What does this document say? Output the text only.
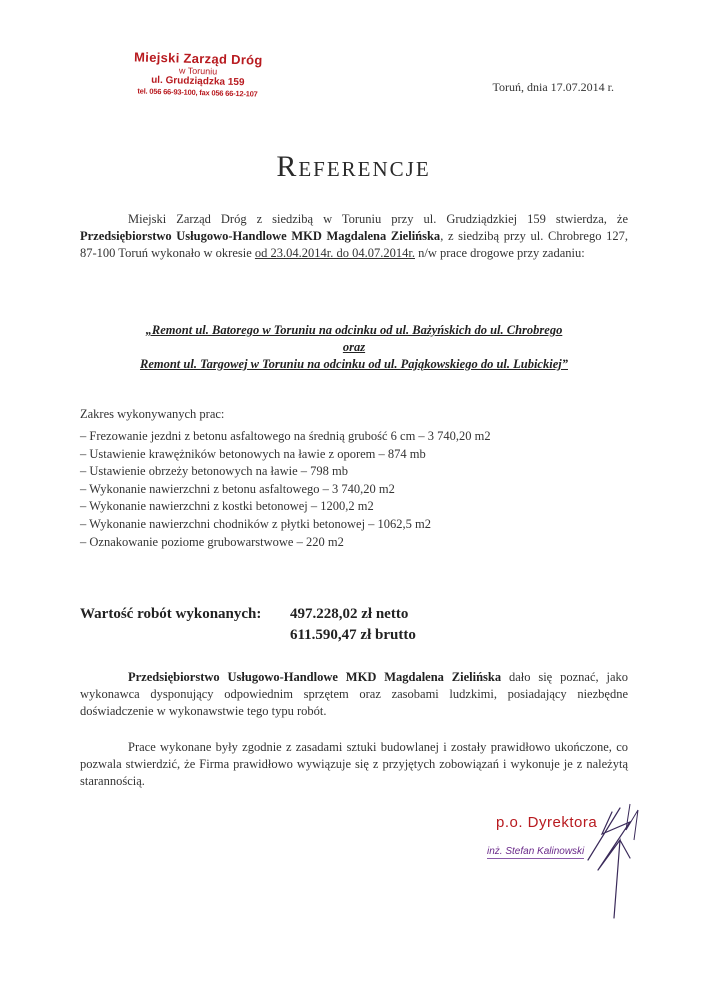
Miejski Zarząd Dróg
w Toruniu
ul. Grudziądzka 159
tel. 056 66-93-100, fax 056 66-12-107	Toruń, dnia 17.07.2014 r.
Referencje
Miejski Zarząd Dróg z siedzibą w Toruniu przy ul. Grudziądzkiej 159 stwierdza, że Przedsiębiorstwo Usługowo-Handlowe MKD Magdalena Zielińska, z siedzibą przy ul. Chrobrego 127, 87-100 Toruń wykonało w okresie od 23.04.2014r. do 04.07.2014r. n/w prace drogowe przy zadaniu:
„Remont ul. Batorego w Toruniu na odcinku od ul. Bażyńskich do ul. Chrobrego
oraz
Remont ul. Targowej w Toruniu na odcinku od ul. Pająkowskiego do ul. Lubickiej”
Zakres wykonywanych prac:
– Frezowanie jezdni z betonu asfaltowego na średnią grubość 6 cm – 3 740,20 m2
– Ustawienie krawężników betonowych na ławie z oporem – 874 mb
– Ustawienie obrzeży betonowych na ławie – 798 mb
– Wykonanie nawierzchni z betonu asfaltowego – 3 740,20 m2
– Wykonanie nawierzchni z kostki betonowej – 1200,2 m2
– Wykonanie nawierzchni chodników z płytki betonowej – 1062,5 m2
– Oznakowanie poziome grubowarstwowe – 220 m2
Wartość robót wykonanych: 497.228,02 zł netto
611.590,47 zł brutto
Przedsiębiorstwo Usługowo-Handlowe MKD Magdalena Zielińska dało się poznać, jako wykonawca dysponujący odpowiednim sprzętem oraz zasobami ludzkimi, posiadający niezbędne doświadczenie w wykonawstwie tego typu robót.
Prace wykonane były zgodnie z zasadami sztuki budowlanej i zostały prawidłowo ukończone, co pozwala stwierdzić, że Firma prawidłowo wywiązuje się z przyjętych zobowiązań i wykonuje je z należytą starannością.
p.o. Dyrektora
inż. Stefan Kalinowski
